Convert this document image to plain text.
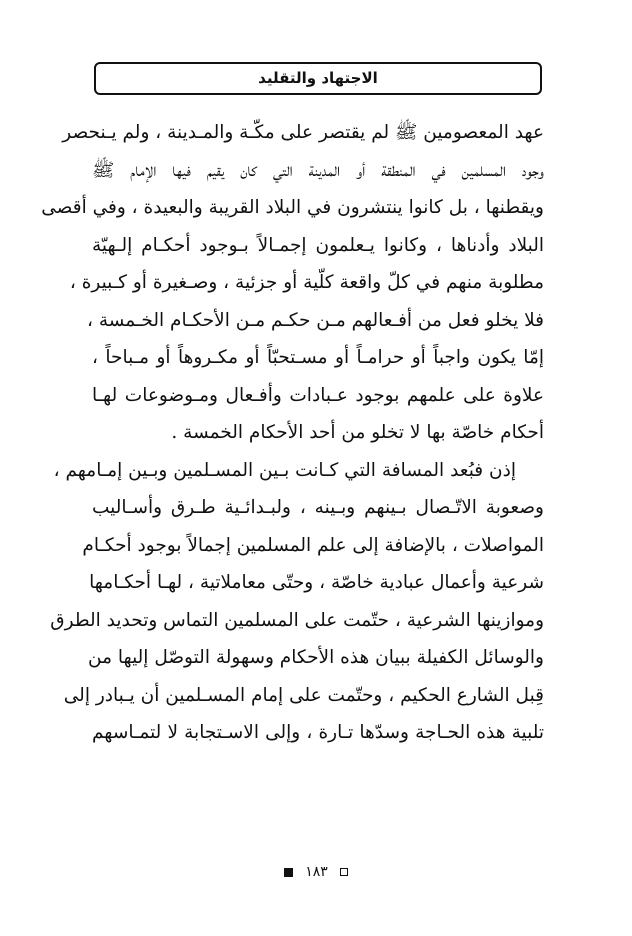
الاجتهاد والتقليد
عهد المعصومين ﷺ لم يقتصر على مكّـة والمـدينة ، ولم يـنحصر
وجود المسلمين في المنطقة أو المدينة التي كان يقيم فيها الإمام ﷺ
ويقطنها ، بل كانوا ينتشرون في البلاد القريبة والبعيدة ، وفي أقصى
البلاد وأدناها ، وكانوا يـعلمون إجمـالاً بـوجود أحكـام إلـهيّة
مطلوبة منهم في كلّ واقعة كلّية أو جزئية ، وصـغيرة أو كـبيرة ،
فلا يخلو فعل من أفـعالهم مـن حكـم مـن الأحكـام الخـمسة ،
إمّا يكون واجباً أو حرامـاً أو مسـتحبّاً أو مكـروهاً أو مـباحاً ،
علاوة على علمهم بوجود عـبادات وأفـعال ومـوضوعات لهـا
أحكام خاصّة بها لا تخلو من أحد الأحكام الخمسة .
إذن فبُعد المسافة التي كـانت بـين المسـلمين وبـين إمـامهم ،
وصعوبة الاتّـصال بـينهم وبـينه ، ولبـدائـية طـرق وأسـاليب
المواصلات ، بالإضافة إلى علم المسلمين إجمالاً بوجود أحكـام
شرعية وأعمال عبادية خاصّة ، وحتّى معاملاتية ، لهـا أحكـامها
وموازينها الشرعية ، حتّمت على المسلمين التماس وتحديد الطرق
والوسائل الكفيلة ببيان هذه الأحكام وسهولة التوصّل إليها من
قِبل الشارع الحكيم ، وحتّمت على إمام المسـلمين أن يـبادر إلى
تلبية هذه الحـاجة وسدّها تـارة ، وإلى الاسـتجابة لا لتمـاسهم
١٨٣
